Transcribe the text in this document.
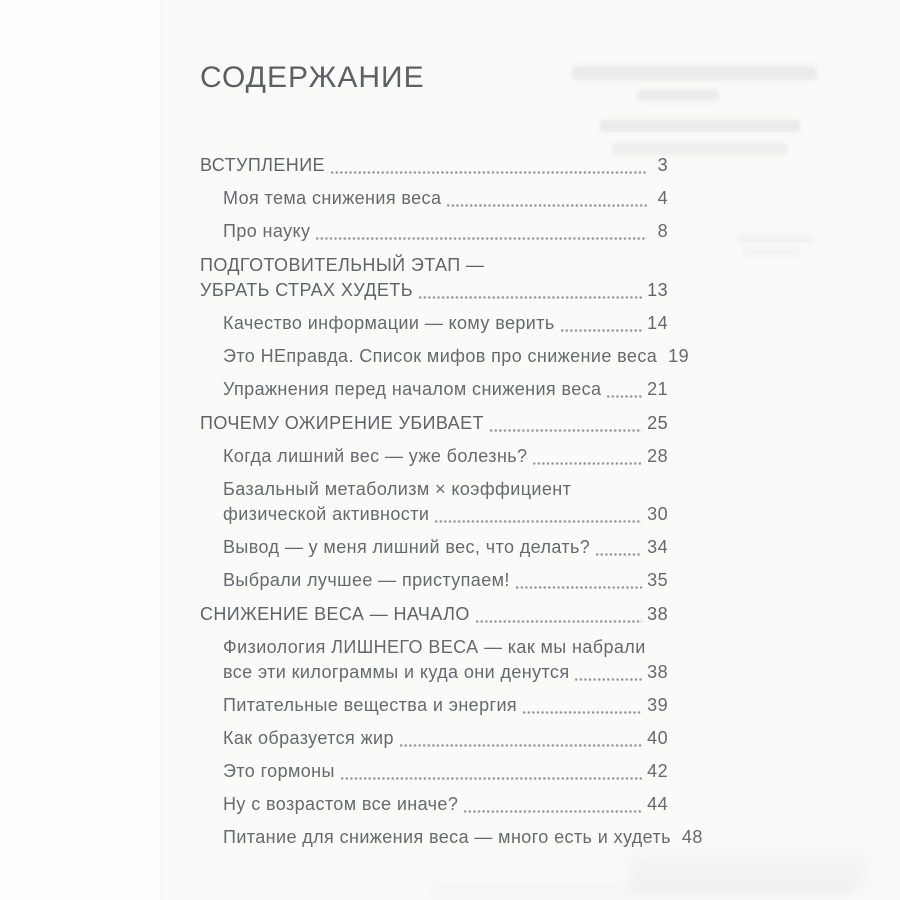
СОДЕРЖАНИЕ
ВСТУПЛЕНИЕ	3
Моя тема снижения веса	4
Про науку	8
ПОДГОТОВИТЕЛЬНЫЙ ЭТАП —
УБРАТЬ СТРАХ ХУДЕТЬ	13
Качество информации — кому верить	14
Это НЕправда. Список мифов про снижение веса 19
Упражнения перед началом снижения веса	21
ПОЧЕМУ ОЖИРЕНИЕ УБИВАЕТ	25
Когда лишний вес — уже болезнь?	28
Базальный метаболизм × коэффициент
физической активности	30
Вывод — у меня лишний вес, что делать?	34
Выбрали лучшее — приступаем!	35
СНИЖЕНИЕ ВЕСА — НАЧАЛО	38
Физиология ЛИШНЕГО ВЕСА — как мы набрали
все эти килограммы и куда они денутся	38
Питательные вещества и энергия	39
Как образуется жир	40
Это гормоны	42
Ну с возрастом все иначе?	44
Питание для снижения веса — много есть и худеть 48
